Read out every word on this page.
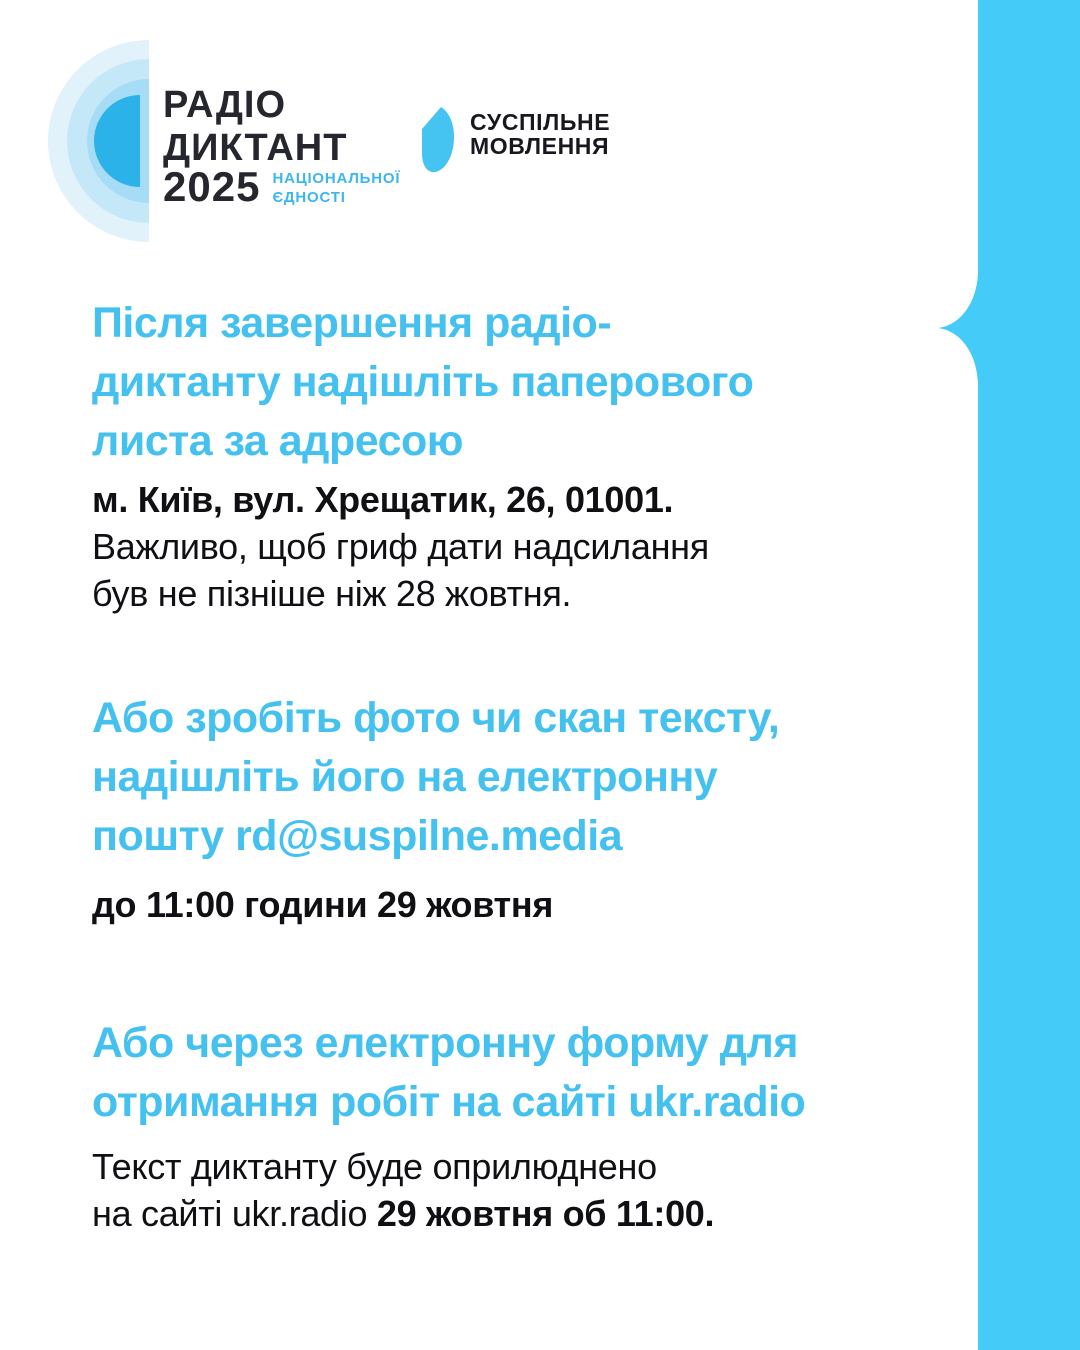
РАДІО
ДИКТАНТ
2025 НАЦІОНАЛЬНОЇ
ЄДНОСТІ
СУСПІЛЬНЕ
МОВЛЕННЯ
Після завершення радіо-
диктанту надішліть паперового
листа за адресою
м. Київ, вул. Хрещатик, 26, 01001.
Важливо, щоб гриф дати надсилання
був не пізніше ніж 28 жовтня.
Або зробіть фото чи скан тексту,
надішліть його на електронну
пошту rd@suspilne.media
до 11:00 години 29 жовтня
Або через електронну форму для
отримання робіт на сайті ukr.radio
Текст диктанту буде оприлюднено
на сайті ukr.radio 29 жовтня об 11:00.
